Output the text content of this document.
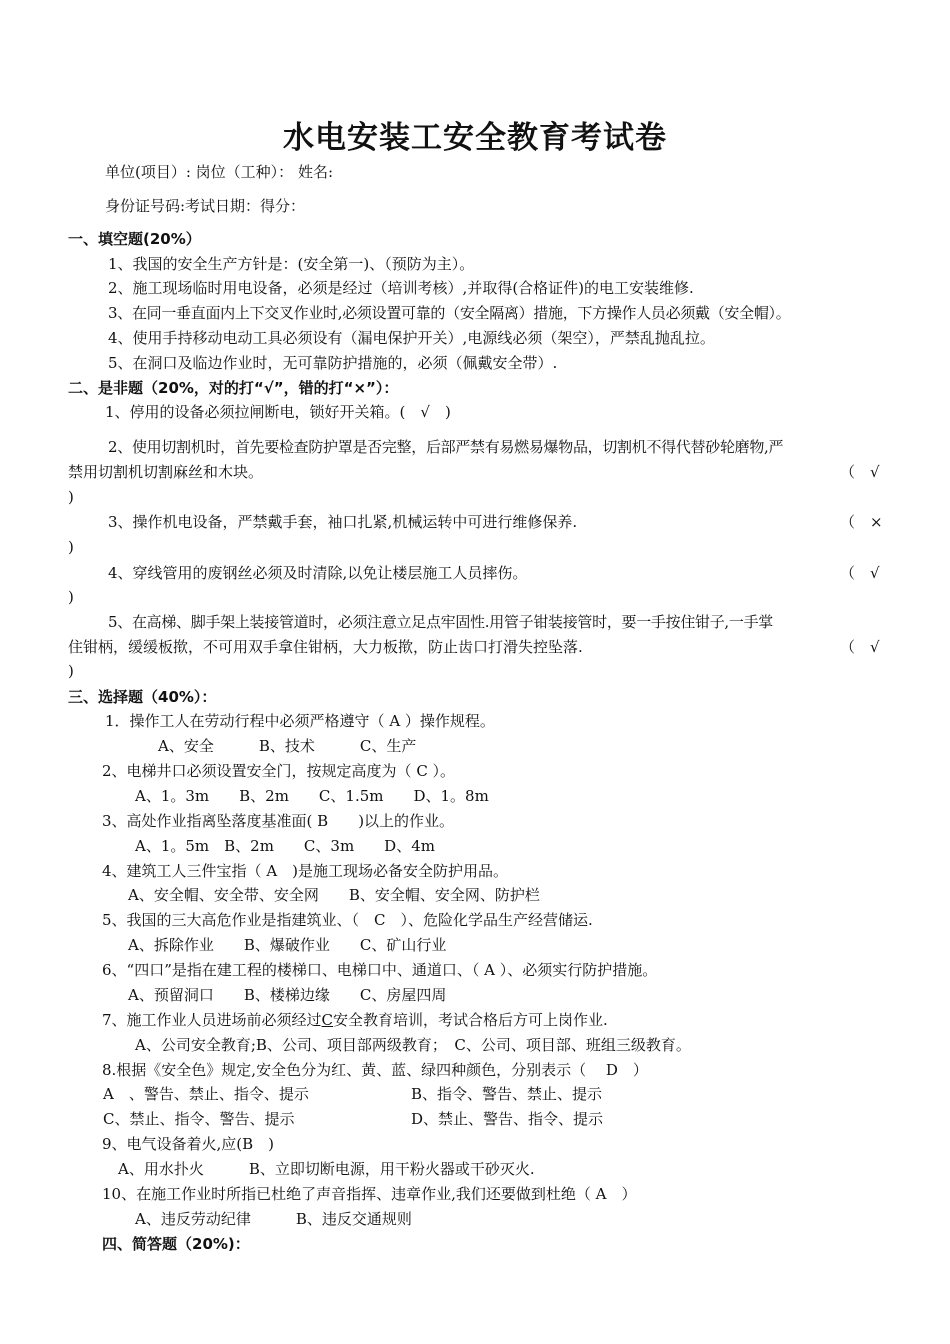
水电安装工安全教育考试卷
单位(项目）: 岗位（工种）： 姓名:
身份证号码:考试日期：得分：
一、填空题(20%）
1、我国的安全生产方针是：(安全第一)、（预防为主）。
2、施工现场临时用电设备，必须是经过（培训考核）,并取得(合格证件)的电工安装维修.
3、在同一垂直面内上下交叉作业时,必须设置可靠的（安全隔离）措施，下方操作人员必须戴（安全帽）。
4、使用手持移动电动工具必须设有（漏电保护开关）,电源线必须（架空），严禁乱抛乱拉。
5、在洞口及临边作业时，无可靠防护措施的，必须（佩戴安全带）.
二、是非题（20%，对的打“√”，错的打“×”）：
1、停用的设备必须拉闸断电，锁好开关箱。(　√　)
2、使用切割机时，首先要检查防护罩是否完整，后部严禁有易燃易爆物品，切割机不得代替砂轮磨物,严
禁用切割机切割麻丝和木块。	（　√
)
3、操作机电设备，严禁戴手套，袖口扎紧,机械运转中可进行维修保养.	（　×
)
4、穿线管用的废钢丝必须及时清除,以免让楼层施工人员摔伤。	（　√
)
5、在高梯、脚手架上装接管道时，必须注意立足点牢固性.用管子钳装接管时，要一手按住钳子,一手掌
住钳柄，缓缓板揿，不可用双手拿住钳柄，大力板揿，防止齿口打滑失控坠落.	（　√
)
三、选择题（40%）：
1．操作工人在劳动行程中必须严格遵守（ A ）操作规程。
A、安全　　　B、技术　　　C、生产
2、电梯井口必须设置安全门，按规定高度为（ C ）。
A、1。3m　　B、2m　　C、1.5m　　D、1。8m
3、高处作业指离坠落度基准面( B　　)以上的作业。
A、1。5m　B、2m　　C、3m　　D、4m
4、建筑工人三件宝指（ A　)是施工现场必备安全防护用品。
A、安全帽、安全带、安全网　　B、安全帽、安全网、防护栏
5、我国的三大高危作业是指建筑业、（　C　）、危险化学品生产经营储运.
A、拆除作业　　B、爆破作业　　C、矿山行业
6、“四口”是指在建工程的楼梯口、电梯口中、通道口、（ A ）、必须实行防护措施。
A、预留洞口　　B、楼梯边缘　　C、房屋四周
7、施工作业人员进场前必须经过C安全教育培训，考试合格后方可上岗作业.
A、公司安全教育;B、公司、项目部两级教育；　C、公司、项目部、班组三级教育。
8.根据《安全色》规定,安全色分为红、黄、蓝、绿四种颜色，分别表示（　 D　）
A　、警告、禁止、指令、提示	B、指令、警告、禁止、提示
C、禁止、指令、警告、提示	D、禁止、警告、指令、提示
9、电气设备着火,应(B　)
A、用水扑火　　　B、立即切断电源，用干粉火器或干砂灭火.
10、在施工作业时所指已杜绝了声音指挥、违章作业,我们还要做到杜绝（ A　）
A、违反劳动纪律　　　B、违反交通规则
四、简答题（20%)：
